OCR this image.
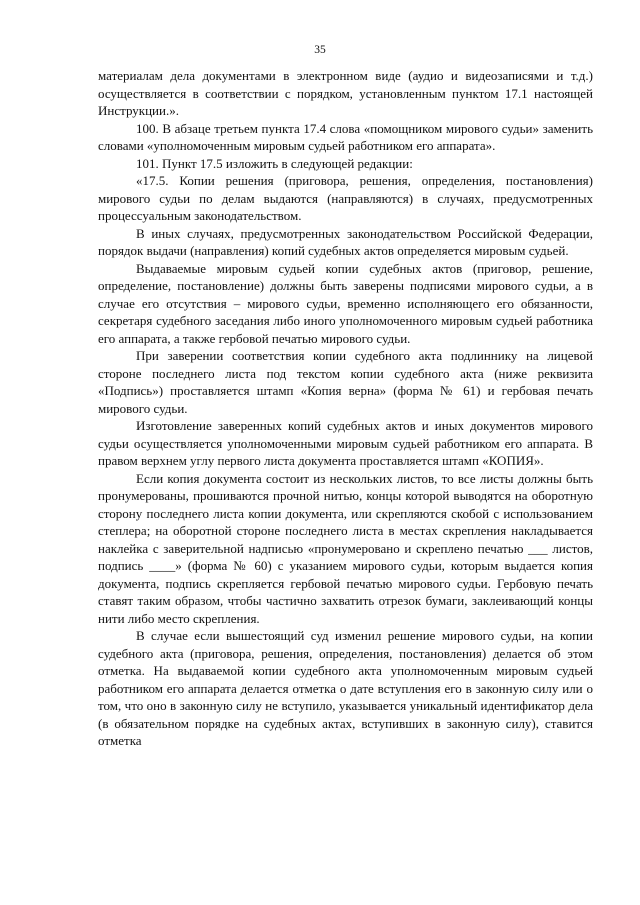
35

материалам дела документами в электронном виде (аудио и видеозаписями и т.д.) осуществляется в соответствии с порядком, установленным пунктом 17.1 настоящей Инструкции.».

100. В абзаце третьем пункта 17.4 слова «помощником мирового судьи» заменить словами «уполномоченным мировым судьей работником его аппарата».

101. Пункт 17.5 изложить в следующей редакции:

«17.5. Копии решения (приговора, решения, определения, постановления) мирового судьи по делам выдаются (направляются) в случаях, предусмотренных процессуальным законодательством.

В иных случаях, предусмотренных законодательством Российской Федерации, порядок выдачи (направления) копий судебных актов определяется мировым судьей.

Выдаваемые мировым судьей копии судебных актов (приговор, решение, определение, постановление) должны быть заверены подписями мирового судьи, а в случае его отсутствия – мирового судьи, временно исполняющего его обязанности, секретаря судебного заседания либо иного уполномоченного мировым судьей работника его аппарата, а также гербовой печатью мирового судьи.

При заверении соответствия копии судебного акта подлиннику на лицевой стороне последнего листа под текстом копии судебного акта (ниже реквизита «Подпись») проставляется штамп «Копия верна» (форма № 61) и гербовая печать мирового судьи.

Изготовление заверенных копий судебных актов и иных документов мирового судьи осуществляется уполномоченными мировым судьей работником его аппарата. В правом верхнем углу первого листа документа проставляется штамп «КОПИЯ».

Если копия документа состоит из нескольких листов, то все листы должны быть пронумерованы, прошиваются прочной нитью, концы которой выводятся на оборотную сторону последнего листа копии документа, или скрепляются скобой с использованием степлера; на оборотной стороне последнего листа в местах скрепления накладывается наклейка с заверительной надписью «пронумеровано и скреплено печатью ___ листов, подпись ____» (форма № 60) с указанием мирового судьи, которым выдается копия документа, подпись скрепляется гербовой печатью мирового судьи. Гербовую печать ставят таким образом, чтобы частично захватить отрезок бумаги, заклеивающий концы нити либо место скрепления.

В случае если вышестоящий суд изменил решение мирового судьи, на копии судебного акта (приговора, решения, определения, постановления) делается об этом отметка. На выдаваемой копии судебного акта уполномоченным мировым судьей работником его аппарата делается отметка о дате вступления его в законную силу или о том, что оно в законную силу не вступило, указывается уникальный идентификатор дела (в обязательном порядке на судебных актах, вступивших в законную силу), ставится отметка
